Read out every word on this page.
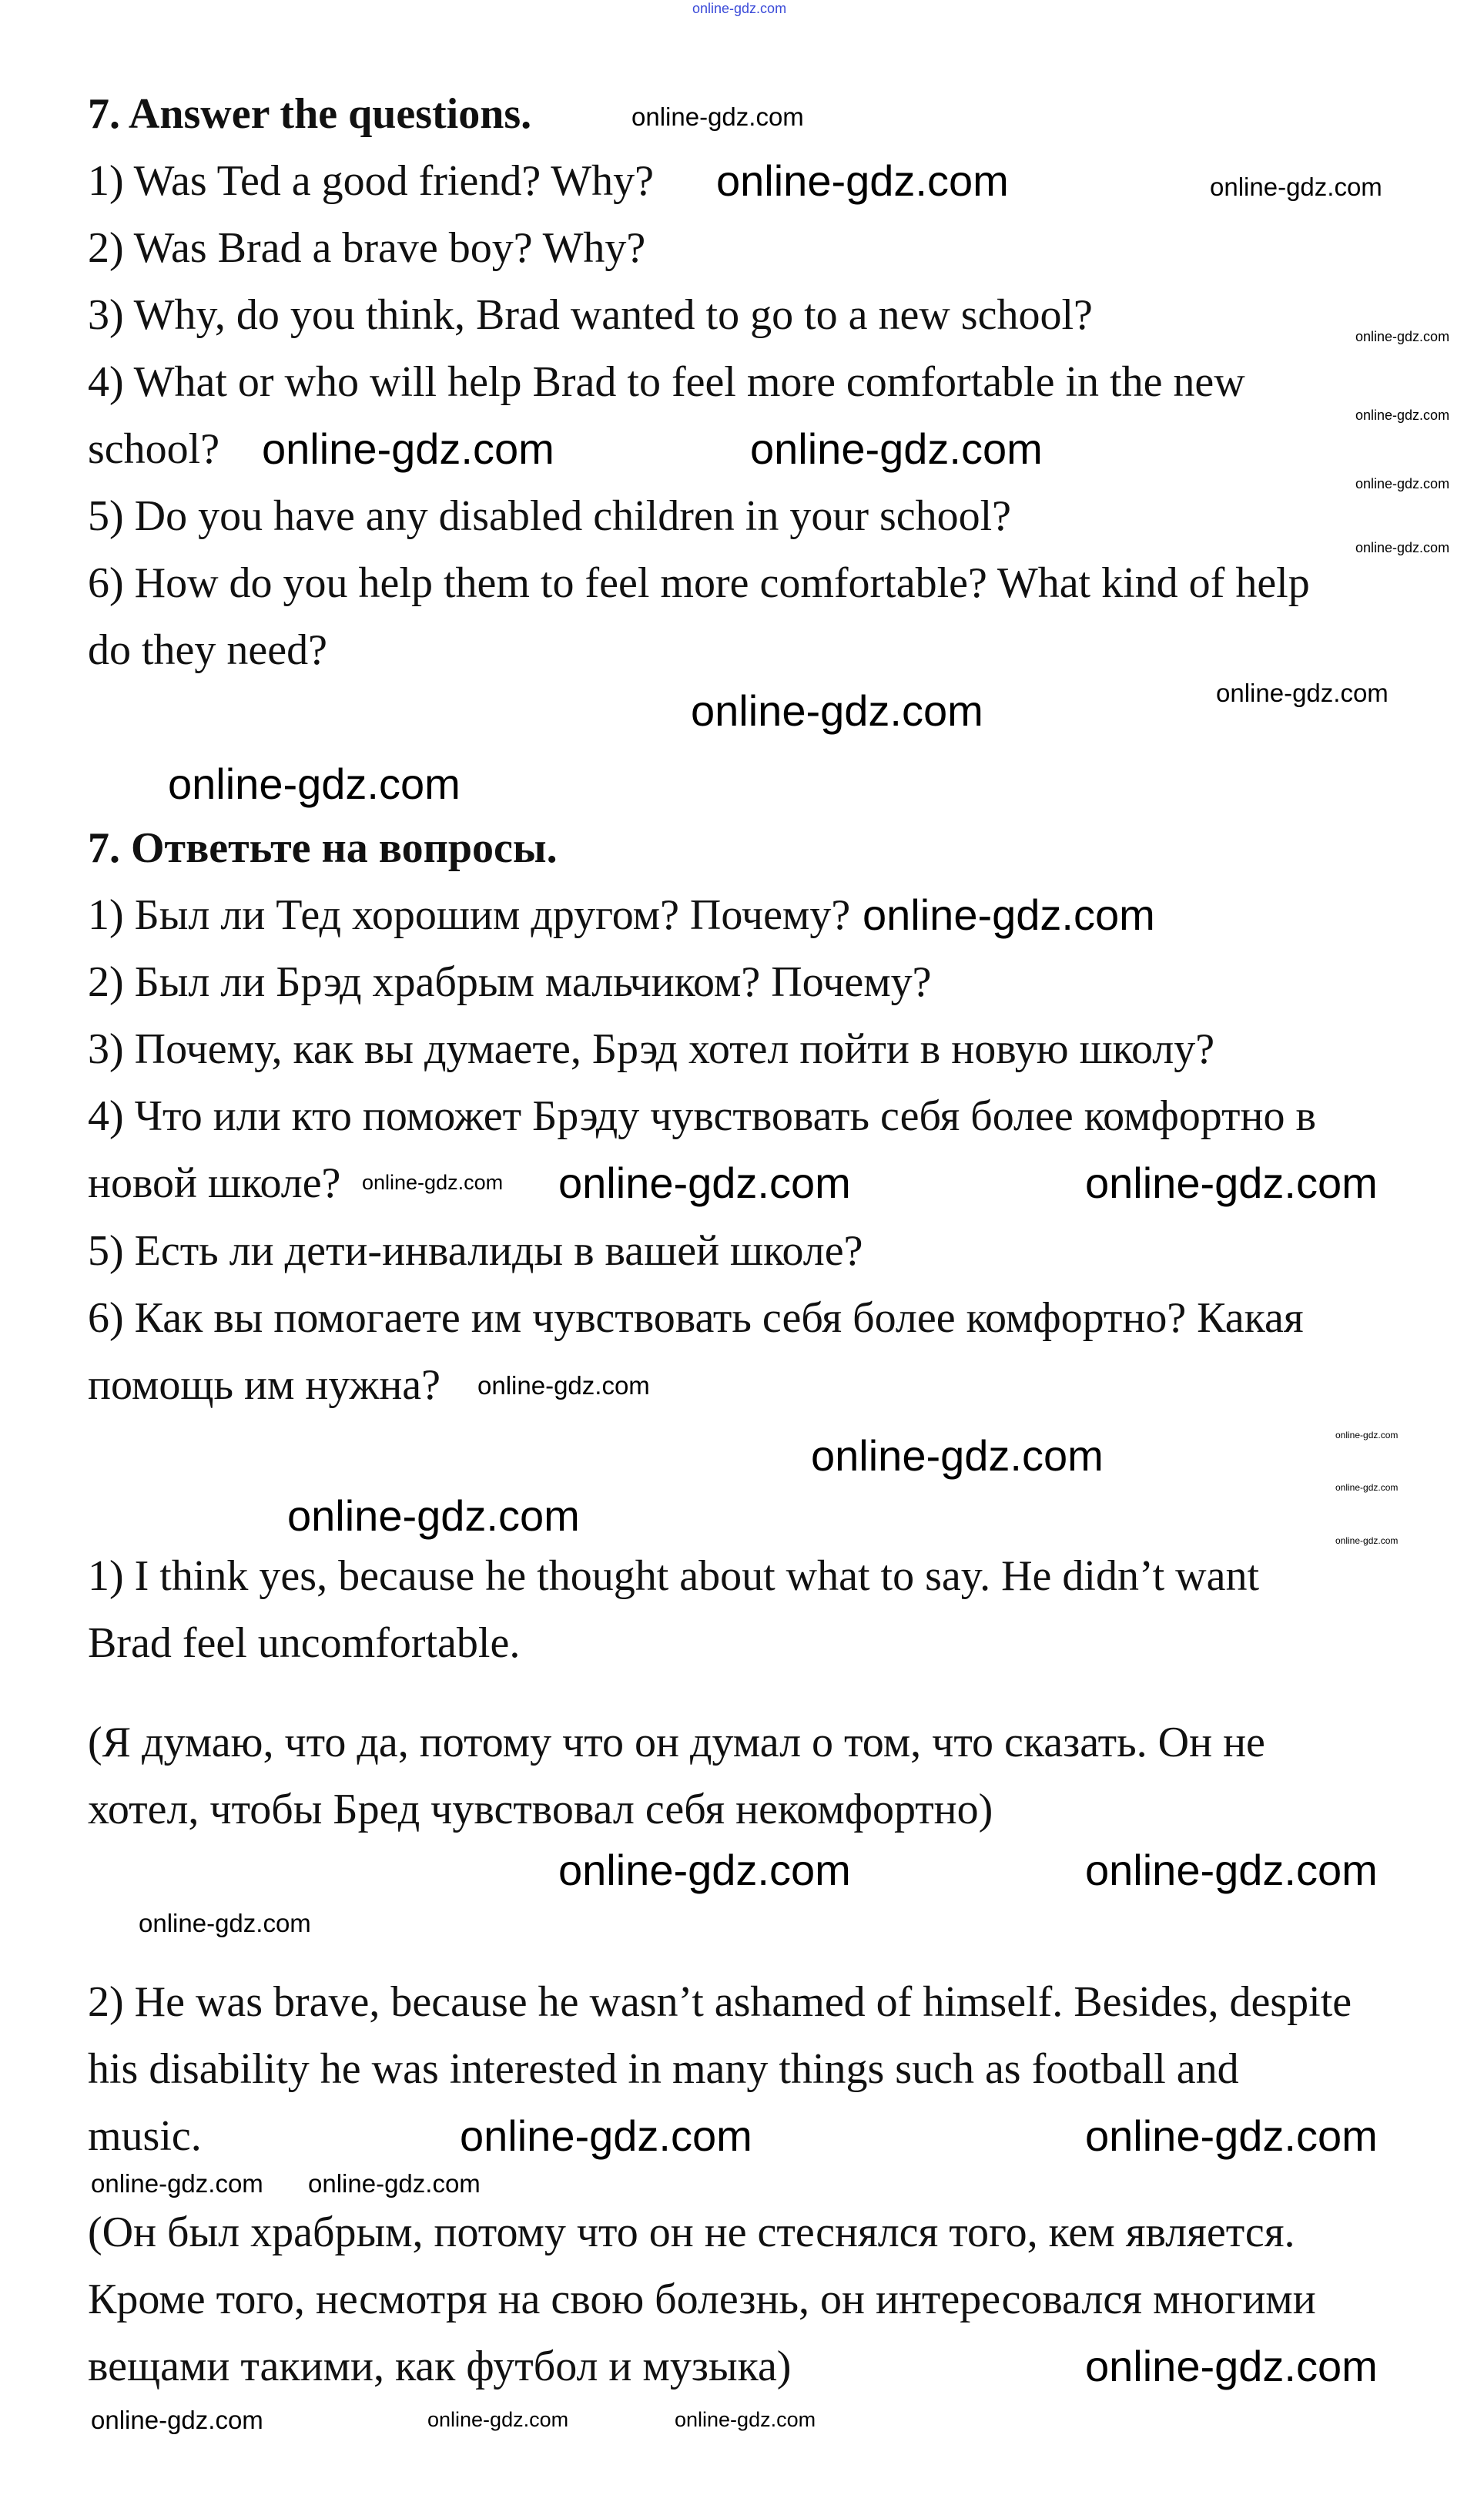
7. Answer the questions.
1) Was Ted a good friend? Why?
2) Was Brad a brave boy? Why?
3) Why, do you think, Brad wanted to go to a new school?
4) What or who will help Brad to feel more comfortable in the new
school?
5) Do you have any disabled children in your school?
6) How do you help them to feel more comfortable? What kind of help
do they need?
7. Ответьте на вопросы.
1) Был ли Тед хорошим другом? Почему?
2) Был ли Брэд храбрым мальчиком? Почему?
3) Почему, как вы думаете, Брэд хотел пойти в новую школу?
4) Что или кто поможет Брэду чувствовать себя более комфортно в
новой школе?
5) Есть ли дети-инвалиды в вашей школе?
6) Как вы помогаете им чувствовать себя более комфортно? Какая
помощь им нужна?
1) I think yes, because he thought about what to say. He didn’t want
Brad feel uncomfortable.
(Я думаю, что да, потому что он думал о том, что сказать. Он не
хотел, чтобы Бред чувствовал себя некомфортно)
2) He was brave, because he wasn’t ashamed of himself. Besides, despite
his disability he was interested in many things such as football and
music.
(Он был храбрым, потому что он не стеснялся того, кем является.
Кроме того, несмотря на свою болезнь, он интересовался многими
вещами такими, как футбол и музыка)
online-gdz.com
online-gdz.com
online-gdz.com	online-gdz.com
online-gdz.com
online-gdz.com
online-gdz.com
online-gdz.com	online-gdz.com
online-gdz.com
online-gdz.com
online-gdz.com
online-gdz.com
online-gdz.com	online-gdz.com
online-gdz.com
online-gdz.com
online-gdz.com
online-gdz.com
online-gdz.com
online-gdz.com
online-gdz.com
online-gdz.com
online-gdz.com
online-gdz.com	online-gdz.com	online-gdz.com
online-gdz.com
online-gdz.com
online-gdz.com
online-gdz.com
online-gdz.com
online-gdz.com
online-gdz.com
